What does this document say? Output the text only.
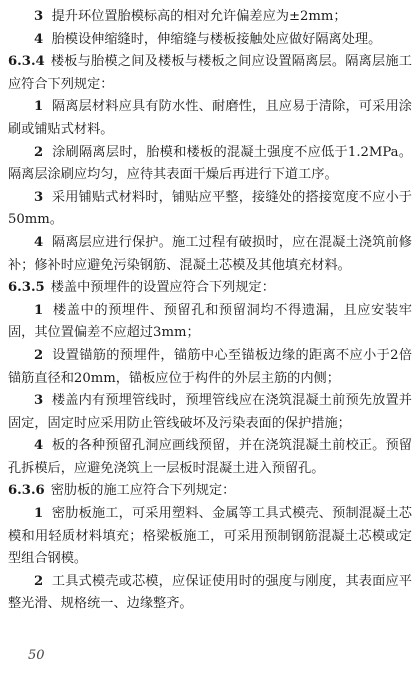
3 提升环位置胎模标高的相对允许偏差应为±2mm；

4 胎模设伸缩缝时，伸缩缝与楼板接触处应做好隔离处理。

6.3.4 楼板与胎模之间及楼板与楼板之间应设置隔离层。隔离层施工应符合下列规定：

1 隔离层材料应具有防水性、耐磨性，且应易于清除，可采用涂刷或铺贴式材料。

2 涂刷隔离层时，胎模和楼板的混凝土强度不应低于1.2MPa。隔离层涂刷应均匀，应待其表面干燥后再进行下道工序。

3 采用铺贴式材料时，铺贴应平整，接缝处的搭接宽度不应小于50mm。

4 隔离层应进行保护。施工过程有破损时，应在混凝土浇筑前修补；修补时应避免污染钢筋、混凝土芯模及其他填充材料。

6.3.5 楼盖中预埋件的设置应符合下列规定：

1 楼盖中的预埋件、预留孔和预留洞均不得遗漏，且应安装牢固，其位置偏差不应超过3mm；

2 设置锚筋的预埋件，锚筋中心至锚板边缘的距离不应小于2倍锚筋直径和20mm，锚板应位于构件的外层主筋的内侧；

3 楼盖内有预埋管线时，预埋管线应在浇筑混凝土前预先放置并固定，固定时应采用防止管线破坏及污染表面的保护措施；

4 板的各种预留孔洞应画线预留，并在浇筑混凝土前校正。预留孔拆模后，应避免浇筑上一层板时混凝土进入预留孔。

6.3.6 密肋板的施工应符合下列规定：

1 密肋板施工，可采用塑料、金属等工具式模壳、预制混凝土芯模和用轻质材料填充；格梁板施工，可采用预制钢筋混凝土芯模或定型组合钢模。

2 工具式模壳或芯模，应保证使用时的强度与刚度，其表面应平整光滑、规格统一、边缘整齐。

50
